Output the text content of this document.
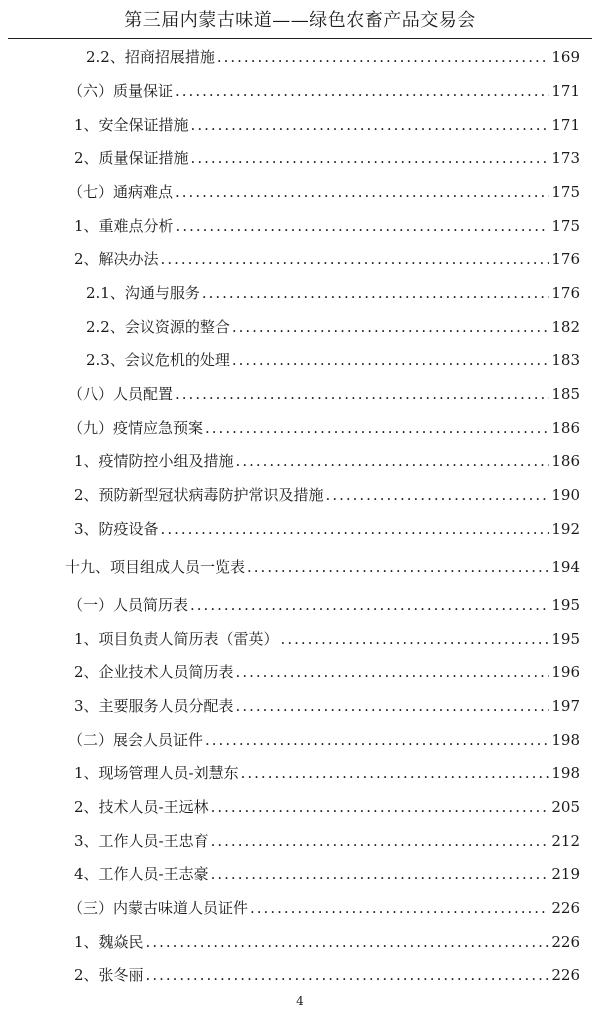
第三届内蒙古味道——绿色农畜产品交易会
2.2、招商招展措施 .....	169
（六）质量保证 .....	171
1、安全保证措施 .....	171
2、质量保证措施 .....	173
（七）通病难点 .....	175
1、重难点分析 .....	175
2、解决办法 .....	176
2.1、沟通与服务 .....	176
2.2、会议资源的整合 .....	182
2.3、会议危机的处理 .....	183
（八）人员配置 .....	185
（九）疫情应急预案 .....	186
1、疫情防控小组及措施 .....	186
2、预防新型冠状病毒防护常识及措施 .....	190
3、防疫设备 .....	192
十九、项目组成人员一览表 .....	194
（一）人员简历表 .....	195
1、项目负责人简历表（雷英） .....	195
2、企业技术人员简历表 .....	196
3、主要服务人员分配表 .....	197
（二）展会人员证件 .....	198
1、现场管理人员-刘慧东 .....	198
2、技术人员-王远林 .....	205
3、工作人员-王忠育 .....	212
4、工作人员-王志豪 .....	219
（三）内蒙古味道人员证件 .....	226
1、魏焱民 .....	226
2、张冬丽 .....	226
4
